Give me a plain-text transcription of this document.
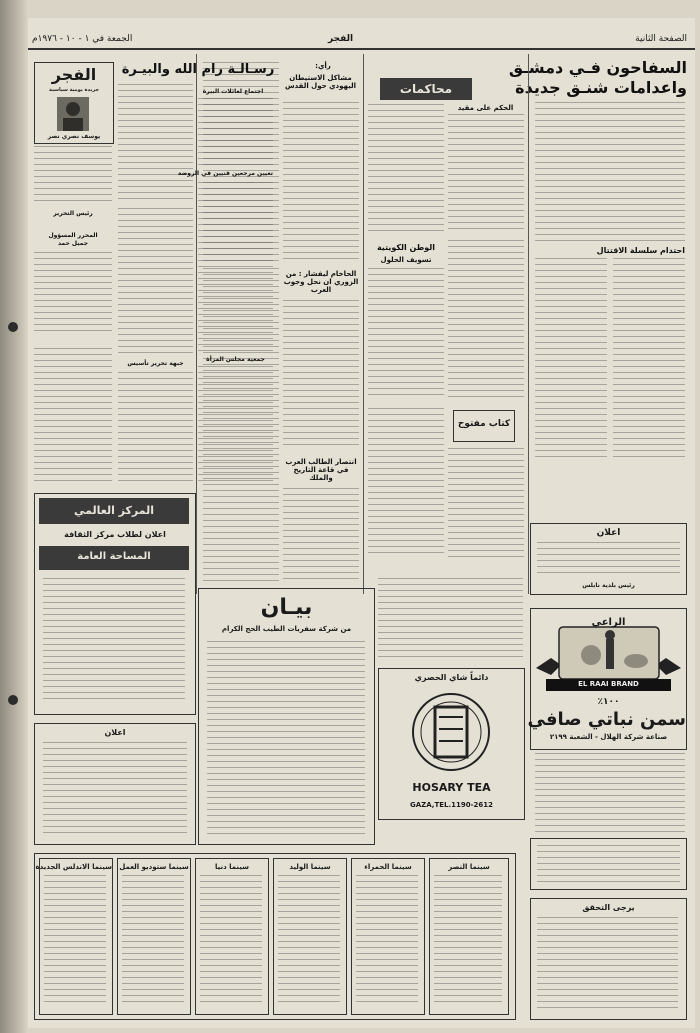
الجمعة في ١ - ١٠ - ١٩٧٦م	الفجر	الصفحة الثانية
السفاحون فـي دمشـق
واعدامات شنـق جديدة
احتدام سلسلة الاقتتال
اعلان
رئيس بلدية نابلس
الراعي
EL RAAI BRAND
١٠٠٪
سمن نباتي صافي
صناعة شركة الهلال - الشعبة ٢١٩٩
محاكمات
الحكم على مقيد
الوطن الكويتية
تسويف الحلول
كتاب مفتوح
رأي:
مشاكل الاستيطان اليهودي حول القدس
الحاخام ليفشار : من الزوري ان نحل وجوب العرب
انتصار الطالب العرب في قاعة التاريخ والملك
رسـالـة رام الله والبيـرة
الفجر
جريدة يومية سياسية
يوسف نصري نصر
رئيس التحرير
المحرر المسؤول
جميل حمد
اجتماع لعائلات البيرة
تعيين مرجعين فنيين في الروضة
جمعية مجلس المرأة
جبهة تحرير تأسيس
المركز العالمي
اعلان لطلاب مركز الثقافة
المساحة العامة
بيـان
من شركة سفريات الطيب الحج الكرام
دائماً شاي الحصري
HOSARY TEA
GAZA,TEL.1190-2612
اعلان
سينما الاندلس الجديدة سينما ستوديو العمل	سينما دنيا	سينما الوليد	سينما الحمراء	سينما النصر
يرجى التحقق
